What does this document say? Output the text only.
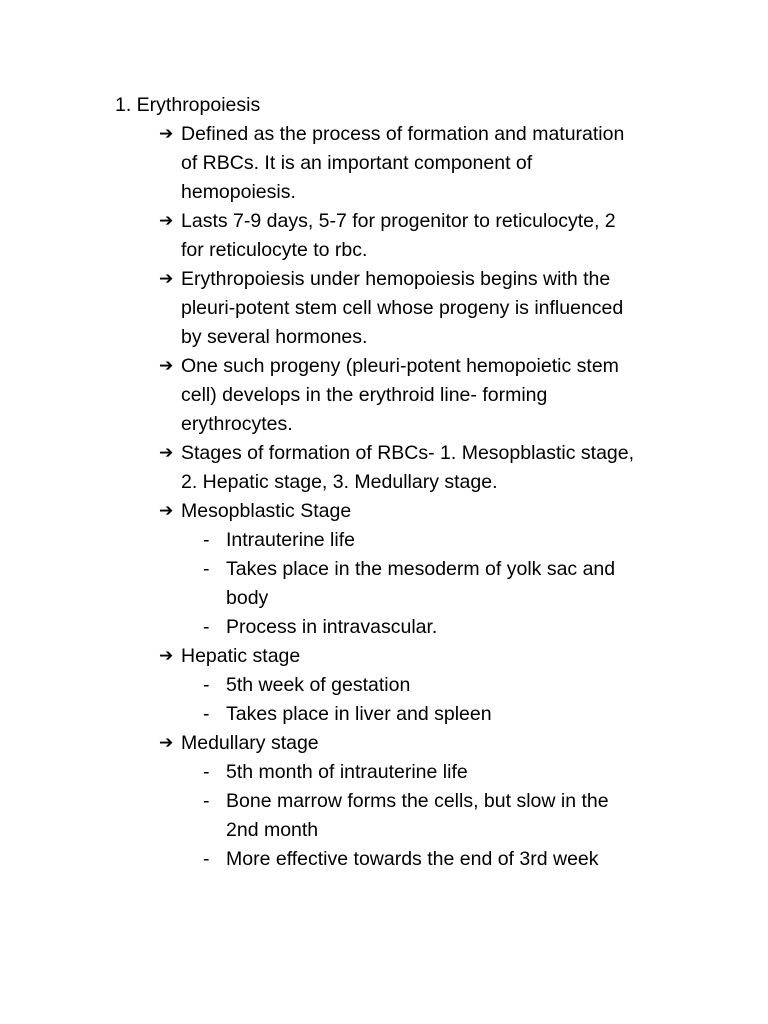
1. Erythropoiesis
➔ Defined as the process of formation and maturation
of RBCs. It is an important component of
hemopoiesis.
➔ Lasts 7-9 days, 5-7 for progenitor to reticulocyte, 2
for reticulocyte to rbc.
➔ Erythropoiesis under hemopoiesis begins with the
pleuri-potent stem cell whose progeny is influenced
by several hormones.
➔ One such progeny (pleuri-potent hemopoietic stem
cell) develops in the erythroid line- forming
erythrocytes.
➔ Stages of formation of RBCs- 1. Mesopblastic stage,
2. Hepatic stage, 3. Medullary stage.
➔ Mesopblastic Stage
- Intrauterine life
- Takes place in the mesoderm of yolk sac and
body
- Process in intravascular.
➔ Hepatic stage
- 5th week of gestation
- Takes place in liver and spleen
➔ Medullary stage
- 5th month of intrauterine life
- Bone marrow forms the cells, but slow in the
2nd month
- More effective towards the end of 3rd week
